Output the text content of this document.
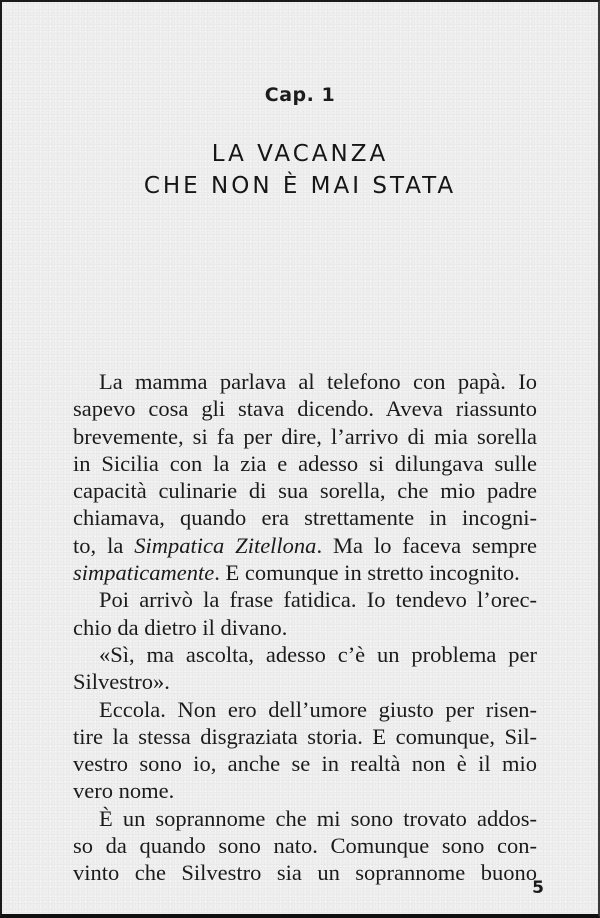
Cap. 1
LA VACANZA
CHE NON È MAI STATA
La mamma parlava al telefono con papà. Io
sapevo cosa gli stava dicendo. Aveva riassunto
brevemente, si fa per dire, l’arrivo di mia sorella
in Sicilia con la zia e adesso si dilungava sulle
capacità culinarie di sua sorella, che mio padre
chiamava, quando era strettamente in incogni-
to, la Simpatica Zitellona. Ma lo faceva sempre
simpaticamente. E comunque in stretto incognito.
Poi arrivò la frase fatidica. Io tendevo l’orec-
chio da dietro il divano.
«Sì, ma ascolta, adesso c’è un problema per
Silvestro».
Eccola. Non ero dell’umore giusto per risen-
tire la stessa disgraziata storia. E comunque, Sil-
vestro sono io, anche se in realtà non è il mio
vero nome.
È un soprannome che mi sono trovato addos-
so da quando sono nato. Comunque sono con-
vinto che Silvestro sia un soprannome buono
5
